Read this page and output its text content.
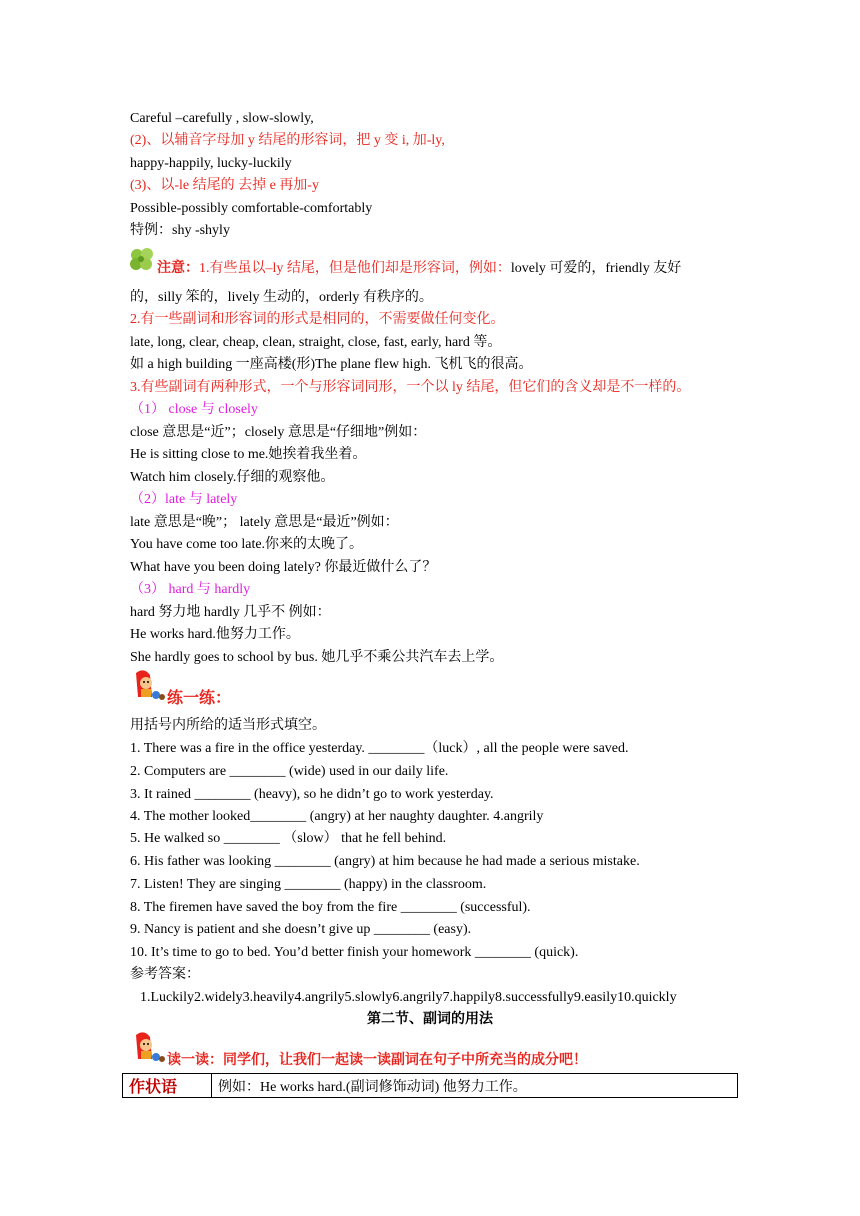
Careful –carefully , slow-slowly,
(2)、以辅音字母加 y 结尾的形容词，把 y 变 i, 加-ly,
happy-happily, lucky-luckily
(3)、以-le 结尾的 去掉 e 再加-y
Possible-possibly comfortable-comfortably
特例：shy -shyly
注意：1.有些虽以–ly 结尾，但是他们却是形容词，例如：lovely 可爱的，friendly 友好
的，silly 笨的，lively 生动的，orderly 有秩序的。
2.有一些副词和形容词的形式是相同的，不需要做任何变化。
late, long, clear, cheap, clean, straight, close, fast, early, hard 等。
如 a high building 一座高楼(形)The plane flew high. 飞机飞的很高。
3.有些副词有两种形式，一个与形容词同形，一个以 ly 结尾，但它们的含义却是不一样的。
（1） close 与 closely
close 意思是“近”；closely 意思是“仔细地”例如：
He is sitting close to me.她挨着我坐着。
Watch him closely.仔细的观察他。
（2）late 与 lately
late 意思是“晚”； lately 意思是“最近”例如：
You have come too late.你来的太晚了。
What have you been doing lately? 你最近做什么了？
（3） hard 与 hardly
hard 努力地 hardly 几乎不 例如：
He works hard.他努力工作。
She hardly goes to school by bus. 她几乎不乘公共汽车去上学。
练一练：
用括号内所给的适当形式填空。
1. There was a fire in the office yesterday. ________（luck）, all the people were saved.
2. Computers are ________ (wide) used in our daily life.
3. It rained ________ (heavy), so he didn’t go to work yesterday.
4. The mother looked________ (angry) at her naughty daughter. 4.angrily
5. He walked so ________ （slow） that he fell behind.
6. His father was looking ________ (angry) at him because he had made a serious mistake.
7. Listen! They are singing ________ (happy) in the classroom.
8. The firemen have saved the boy from the fire ________ (successful).
9. Nancy is patient and she doesn’t give up ________ (easy).
10. It’s time to go to bed. You’d better finish your homework ________ (quick).
参考答案：
1.Luckily2.widely3.heavily4.angrily5.slowly6.angrily7.happily8.successfully9.easily10.quickly
第二节、副词的用法
读一读：同学们，让我们一起读一读副词在句子中所充当的成分吧！
作状语	例如：He works hard.(副词修饰动词) 他努力工作。
